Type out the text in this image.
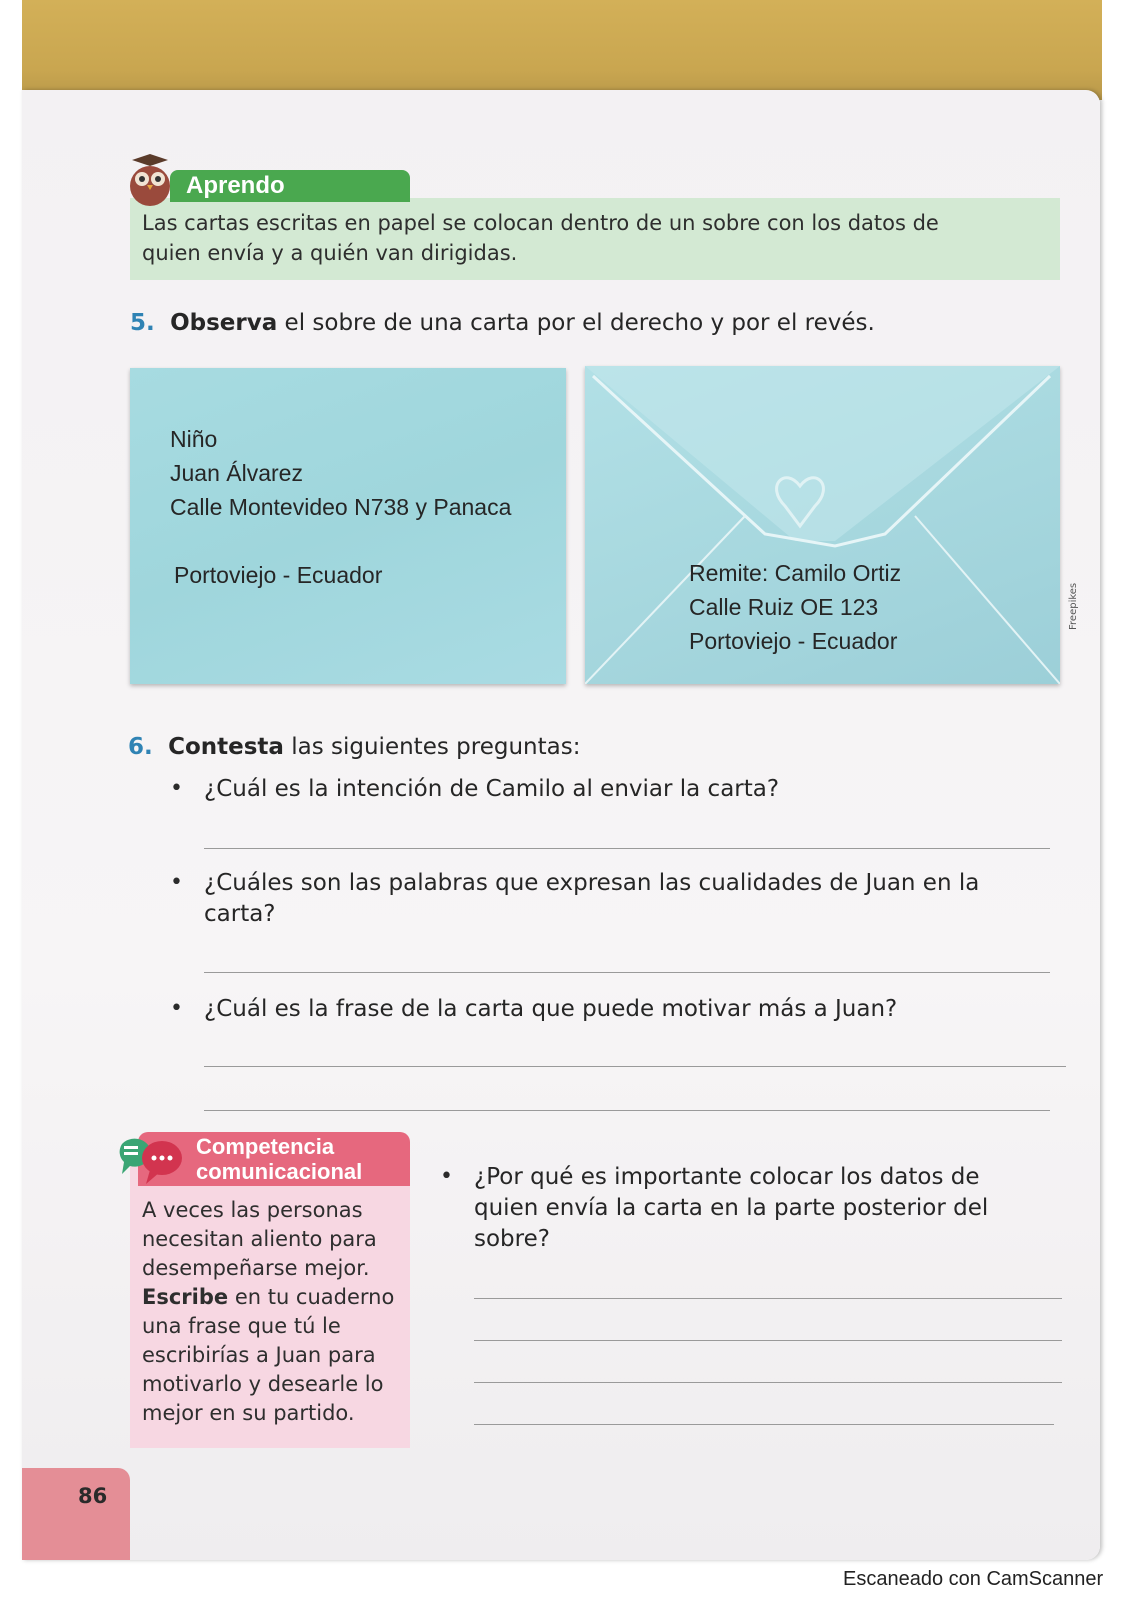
Aprendo
Las cartas escritas en papel se colocan dentro de un sobre con los datos de
quien envía y a quién van dirigidas.
5. Observa el sobre de una carta por el derecho y por el revés.
Niño
Juan Álvarez
Calle Montevideo N738 y Panaca
Portoviejo - Ecuador	Remite: Camilo Ortiz
Calle Ruiz OE 123
Portoviejo - Ecuador
Freepikes
6. Contesta las siguientes preguntas:
• ¿Cuál es la intención de Camilo al enviar la carta?
• ¿Cuáles son las palabras que expresan las cualidades de Juan en la
carta?
• ¿Cuál es la frase de la carta que puede motivar más a Juan?
Competencia
comunicacional
A veces las personas
necesitan aliento para
desempeñarse mejor.
Escribe en tu cuaderno
una frase que tú le
escribirías a Juan para
motivarlo y desearle lo
mejor en su partido.
• ¿Por qué es importante colocar los datos de
quien envía la carta en la parte posterior del
sobre?
86
Escaneado con CamScanner
